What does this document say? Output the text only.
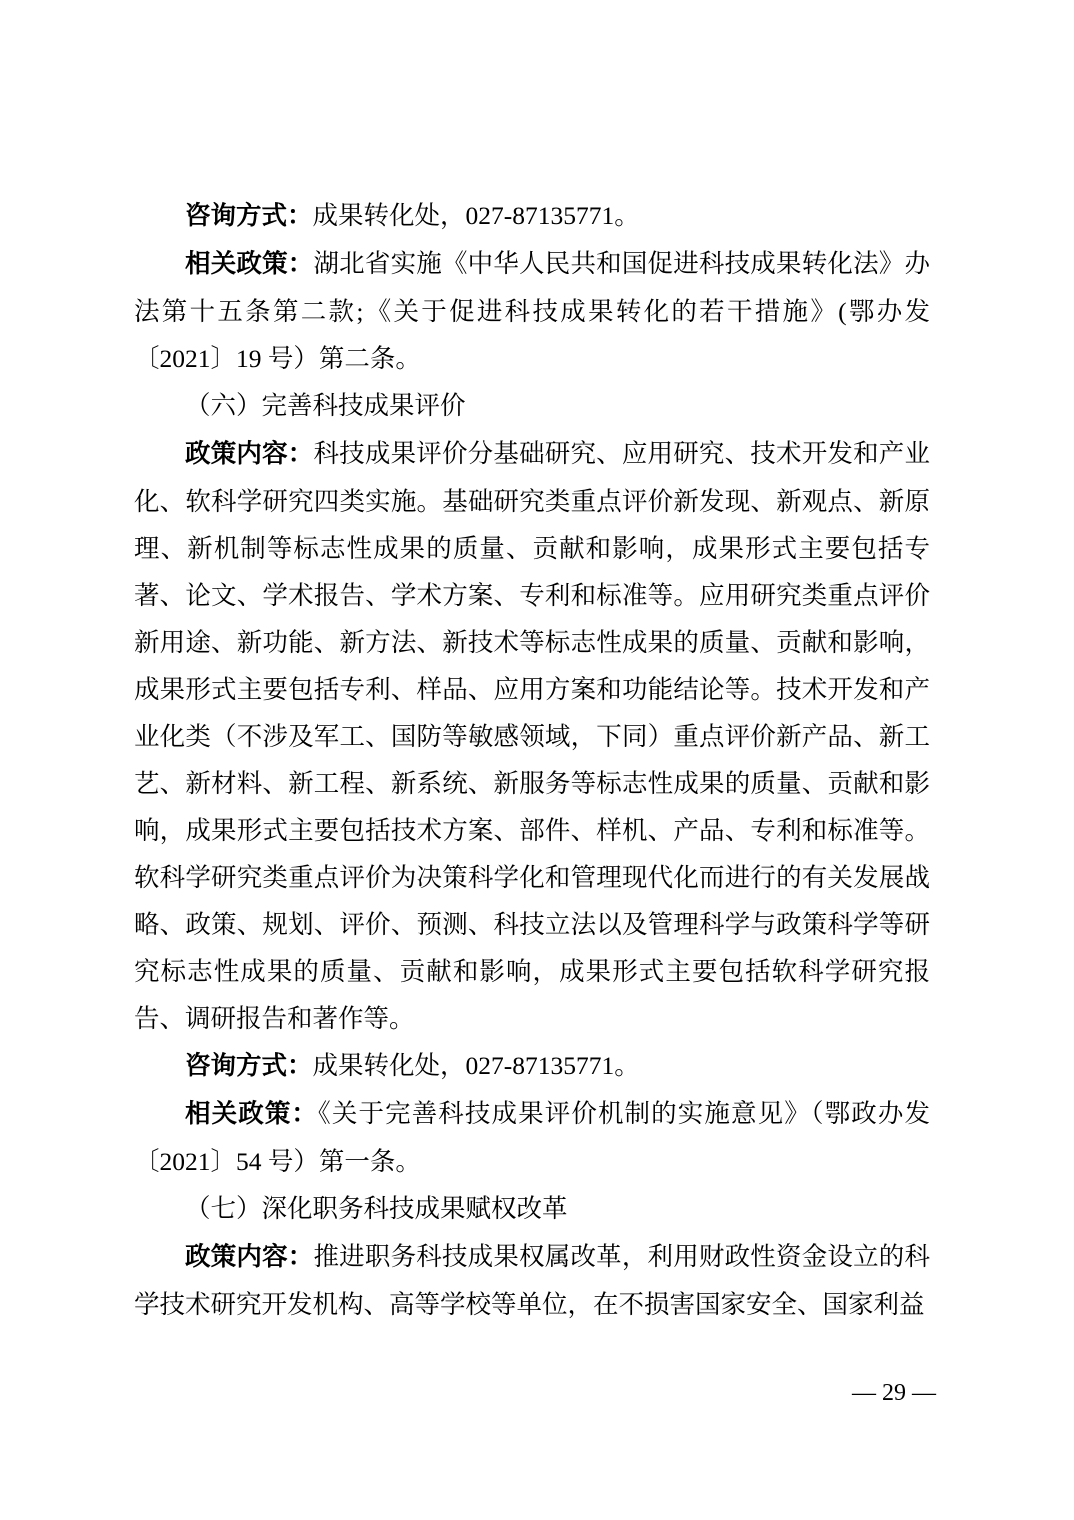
咨询方式：成果转化处，027-87135771。

相关政策：湖北省实施《中华人民共和国促进科技成果转化法》办法第十五条第二款;《关于促进科技成果转化的若干措施》(鄂办发〔2021〕19 号）第二条。

（六）完善科技成果评价

政策内容：科技成果评价分基础研究、应用研究、技术开发和产业化、软科学研究四类实施。基础研究类重点评价新发现、新观点、新原理、新机制等标志性成果的质量、贡献和影响，成果形式主要包括专著、论文、学术报告、学术方案、专利和标准等。应用研究类重点评价新用途、新功能、新方法、新技术等标志性成果的质量、贡献和影响，成果形式主要包括专利、样品、应用方案和功能结论等。技术开发和产业化类（不涉及军工、国防等敏感领域，下同）重点评价新产品、新工艺、新材料、新工程、新系统、新服务等标志性成果的质量、贡献和影响，成果形式主要包括技术方案、部件、样机、产品、专利和标准等。软科学研究类重点评价为决策科学化和管理现代化而进行的有关发展战略、政策、规划、评价、预测、科技立法以及管理科学与政策科学等研究标志性成果的质量、贡献和影响，成果形式主要包括软科学研究报告、调研报告和著作等。

咨询方式：成果转化处，027-87135771。

相关政策：《关于完善科技成果评价机制的实施意见》（鄂政办发〔2021〕54 号）第一条。

（七）深化职务科技成果赋权改革

政策内容：推进职务科技成果权属改革，利用财政性资金设立的科学技术研究开发机构、高等学校等单位，在不损害国家安全、国家利益

— 29 —
